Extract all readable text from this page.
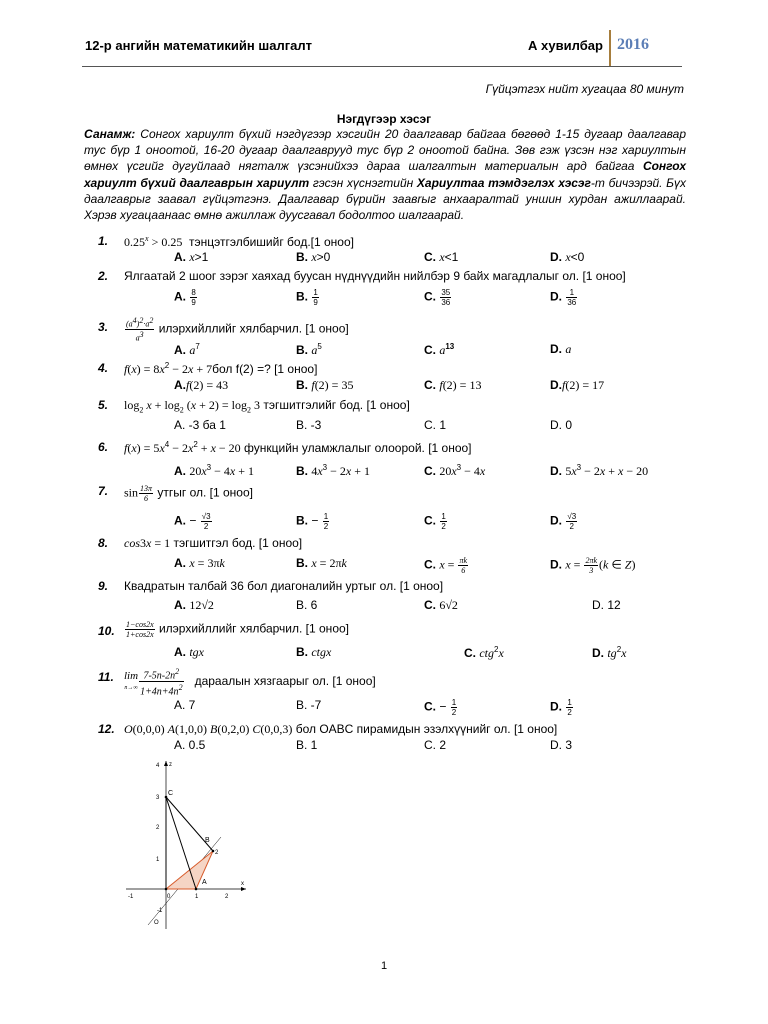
12-р ангийн математикийн шалгалт	А хувилбар 2016
Гүйцэтгэх нийт хугацаа 80 минут
Нэгдүгээр хэсэг
Санамж: Сонгох хариулт бүхий нэгдүгээр хэсгийн 20 даалгавар байгаа бөгөөд 1-15 дугаар даалгавар тус бүр 1 оноотой, 16-20 дугаар даалгаврууд тус бүр 2 оноотой байна. Зөв гэж үзсэн нэг хариултын өмнөх үсгийг дугуйлаад нягталж үзсэнийхээ дараа шалгалтын материалын ард байгаа Сонгох хариулт бүхий даалгаврын хариулт гэсэн хүснэгтийн Хариултаа тэмдэглэх хэсэг-т бичээрэй. Бүх даалгаврыг заавал гүйцэтгэнэ. Даалгавар бүрийн заавrыг анхааралтай уншин хурдан ажиллаарай. Хэрэв хугацаанаас өмнө ажиллаж дуусгавал бодолтоо шалгаарай.
1. $0.25^x > 0.25$ тэнцэтгэлбишийг бод.[1 оноо]
А. x>1	В. x>0	С. x<1	D. x<0
2. Ялгаатай 2 шоог зэрэг хаяхад буусан нүднүүдийн нийлбэр 9 байх магадлалыг ол. [1 оноо]
А. $\frac{8}{9}$	В. $\frac{1}{9}$	С. $\frac{35}{36}$	D. $\frac{1}{36}$
3. $\frac{(a4)2\cdot a2}{a3}$ илэрхийллийг хялбарчил. [1 оноо]
А. $a^7$	В. $a^5$	С. $a^{13}$	D. a
4. $f(x) = 8x^2 - 2x + 7бол$ f(2) =? [1 оноо]
А.f(2) = 43	В. f(2) = 35	С. f(2) = 13	D.f(2) = 17
5. $\log_2 x + \log_2 (x + 2) = \log_2 3$ тэгшитгэлийг бод. [1 оноо]
А. -3 ба 1	В. -3	С. 1	D. 0
6. $f(x) = 5x^4 - 2x^2 + x - 20$ функцийн уламжлалыг олоорой. [1 оноо]
А. $20x^3 - 4x + 1$	В. $4x^3 - 2x + 1$	С. $20x^3 - 4x$	D. $5x^3 - 2x + x - 20$
7. $\sin \frac{13\pi}{6}$ утгыг ол. [1 оноо]
А. − $\frac{√3}{2}$	В. − $\frac{1}{2}$	С. $\frac{1}{2}$	D. $\frac{√3}{2}$
8. cos3x = 1 тэгшитгэл бод. [1 оноо]
А. x = 3πk	В. x = 2πk	С. $x = \frac{\pi k}{6}$	D. $x = \frac{2\pi k}{3} (k$ ∈ Z)
9. Квадратын талбай 36 бол диагоналийн уртыг ол. [1 оноо]
А. 12√2	В. 6	С. 6√2	D. 12
10. $\frac{1-\cos 2x}{1+\cos 2x}$ илэрхийллийг хялбарчил. [1 оноо]
А. tgx	В. ctgx	С. ctg$^2$x	D. $tg^2x$
11. lim
$n\to\infty \frac{7-5n-2n^2}{1+4n+4n^2}$ дараалын хязгаарыг ол. [1 оноо]
А. 7	В. -7	С. − $\frac{1}{2}$	D. $\frac{1}{2}$
12. O(0,0,0) A(1,0,0) B(0,2,0) C(0,0,3) бол OABC пирамидын эзэлхүүнийг ол. [1 оноо]
А. 0.5	В. 1	С. 2	D. 3
x
z
4
3
2
1
-1	0	1	2
-1
C
A
B
2
O
1
